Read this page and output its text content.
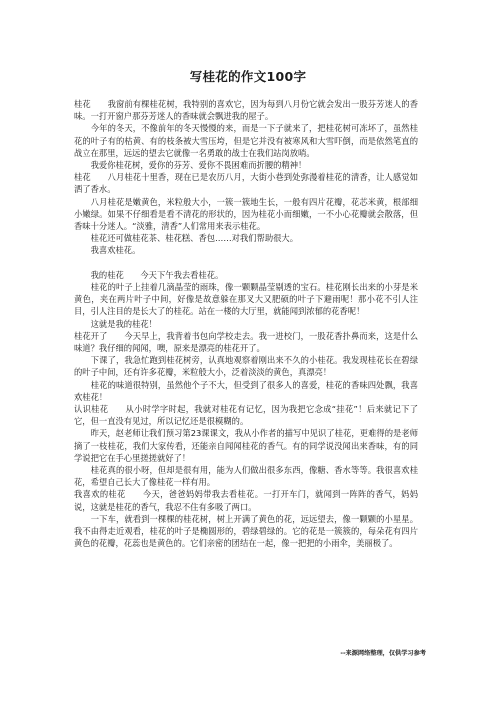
写桂花的作文100字

桂花　　我窗前有棵桂花树，我特别的喜欢它，因为每到八月份它就会发出一股芬芳迷人的香味。一打开窗户那芬芳迷人的香味就会飘进我的屋子。

　　今年的冬天，不像前年的冬天慢慢的来，而是一下子就来了，把桂花树可冻坏了，虽然桂花的叶子有的枯黄、有的枝条被大雪压垮，但是它并没有被寒风和大雪吓倒，而是依然笔直的战立在那里，远远的望去它就像一名勇敢的战士在我们站岗放哨。

　　我爱你桂花树，爱你的芬芳、爱你不畏困难而折腰的精神！

桂花　　八月桂花十里香，现在已是农历八月，大街小巷到处弥漫着桂花的清香，让人感觉如洒了香水。

　　八月桂花是嫩黄色，米粒般大小，一簇一簇地生长，一般有四片花瓣，花芯米黄，根部细小嫩绿。如果不仔细看是看不清花的形状的，因为桂花小而细嫩，一不小心花瓣就会散落，但香味十分迷人。“淡雅，清香”人们常用来表示桂花。

　　桂花还可做桂花茶、桂花糕、香包……对我们帮助很大。

　　我喜欢桂花。

　　我的桂花　　今天下午我去看桂花。

　　桂花的叶子上挂着几滴晶莹的雨珠，像一颗颗晶莹剔透的宝石。桂花刚长出来的小芽是米黄色，夹在两片叶子中间，好像是故意躲在那叉大又肥硕的叶子下避雨呢！那小花不引人注目，引人注目的是长大了的桂花。站在一楼的大厅里，就能闻到浓郁的花香呢！

　　这就是我的桂花！

桂花开了　　今天早上，我背着书包向学校走去。我一进校门，一股花香扑鼻而来，这是什么味道？我仔细的闻闻，噢，原来是漂亮的桂花开了。

　　下课了，我急忙跑到桂花树旁，认真地观察着刚出来不久的小桂花。我发现桂花长在碧绿的叶子中间，还有许多花瓣，米粒般大小，泛着淡淡的黄色，真漂亮！

　　桂花的味道很特别，虽然他个子不大，但受到了很多人的喜爱，桂花的香味四处飘，我喜欢桂花！

认识桂花　　从小时学字时起，我就对桂花有记忆，因为我把它念成“挂花”！后来就记下了它，但一直没有见过，所以记忆还是很模糊的。

　　昨天，赵老师让我们预习第23课课文，我从小作者的描写中见识了桂花，更难得的是老师摘了一枝桂花，我们大家传看，还能亲自闻闻桂花的香气。有的同学说没闻出来香味，有的同学说把它在手心里搓搓就好了！

　　桂花真的很小呀，但却是很有用，能为人们做出很多东西，像糖、香水等等。我很喜欢桂花，希望自己长大了像桂花一样有用。

我喜欢的桂花　　今天，爸爸妈妈带我去看桂花。一打开车门，就闻到一阵阵的香气，妈妈说，这就是桂花的香气，我忍不住有多吸了两口。

　　一下车，就看到一棵棵的桂花树，树上开满了黄色的花，远远望去，像一颗颗的小星星。我不由得走近观看，桂花的叶子是椭圆形的，碧绿碧绿的。它的花是一簇簇的，每朵花有四片黄色的花瓣，花蕊也是黄色的。它们亲密的团结在一起，像一把把的小雨伞，美丽极了。

--来源网络整理，仅供学习参考
